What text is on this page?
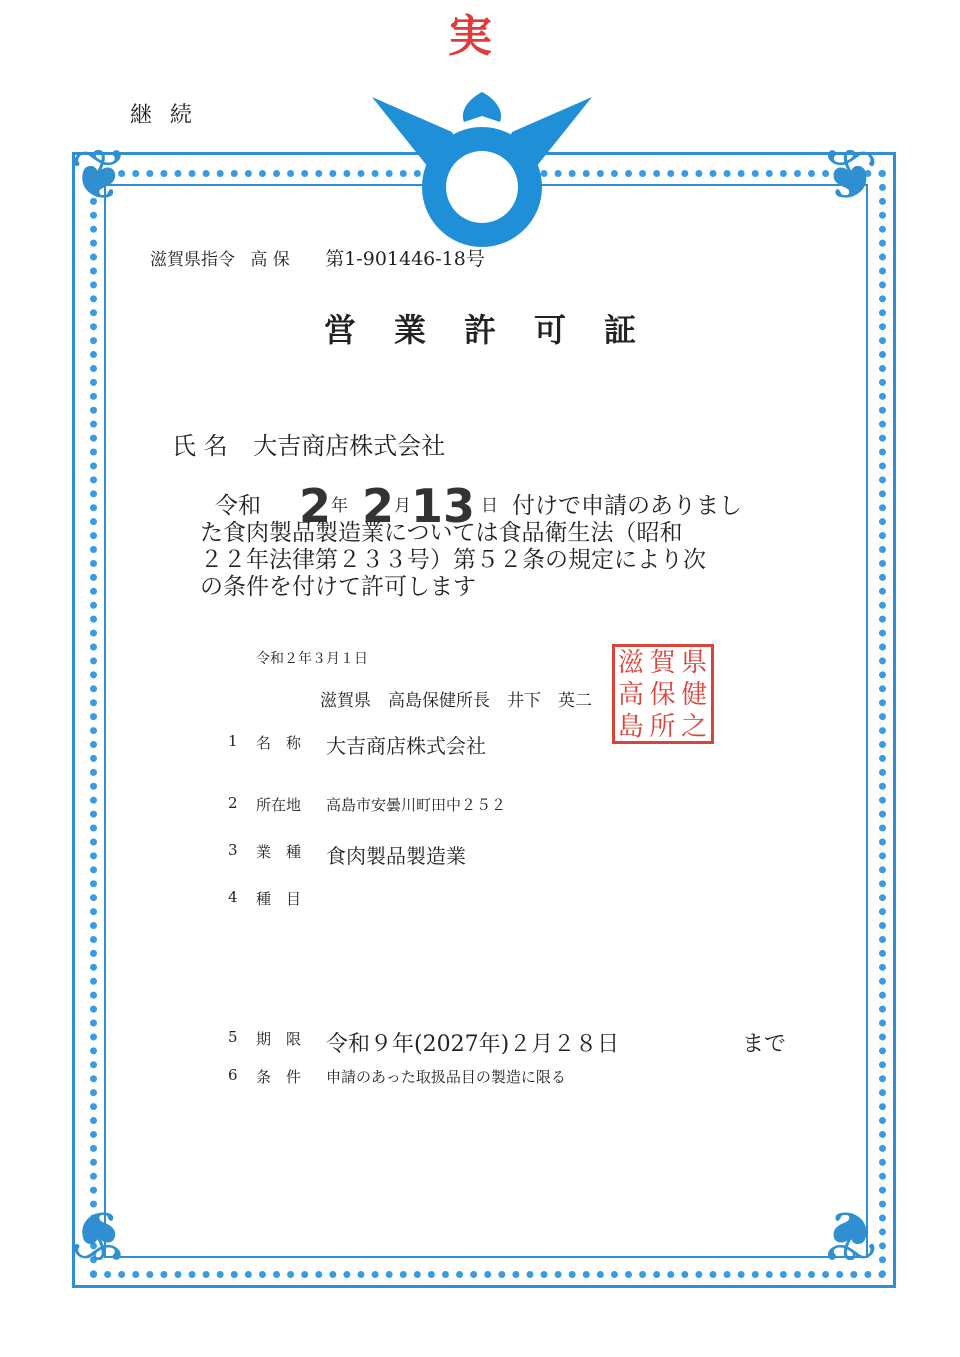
実
❦	❦
❦	❦
継続
滋賀県指令 高 保 第1-901446-18号
営業許可証
氏 名 大吉商店株式会社
令和 2 年 2 月 13 日 付けで申請のありまし
た食肉製品製造業については食品衛生法（昭和
２２年法律第２３３号）第５２条の規定により次
の条件を付けて許可します
令和２年３月１日
滋賀県　高島保健所長　井下　英二
滋 賀 県
高 保 健
島 所 之
1 名　称 大吉商店株式会社
2 所在地 高島市安曇川町田中２５２
3 業　種 食肉製品製造業
4 種　目
5 期　限 令和９年(2027年)２月２８日	まで
6 条　件 申請のあった取扱品目の製造に限る
